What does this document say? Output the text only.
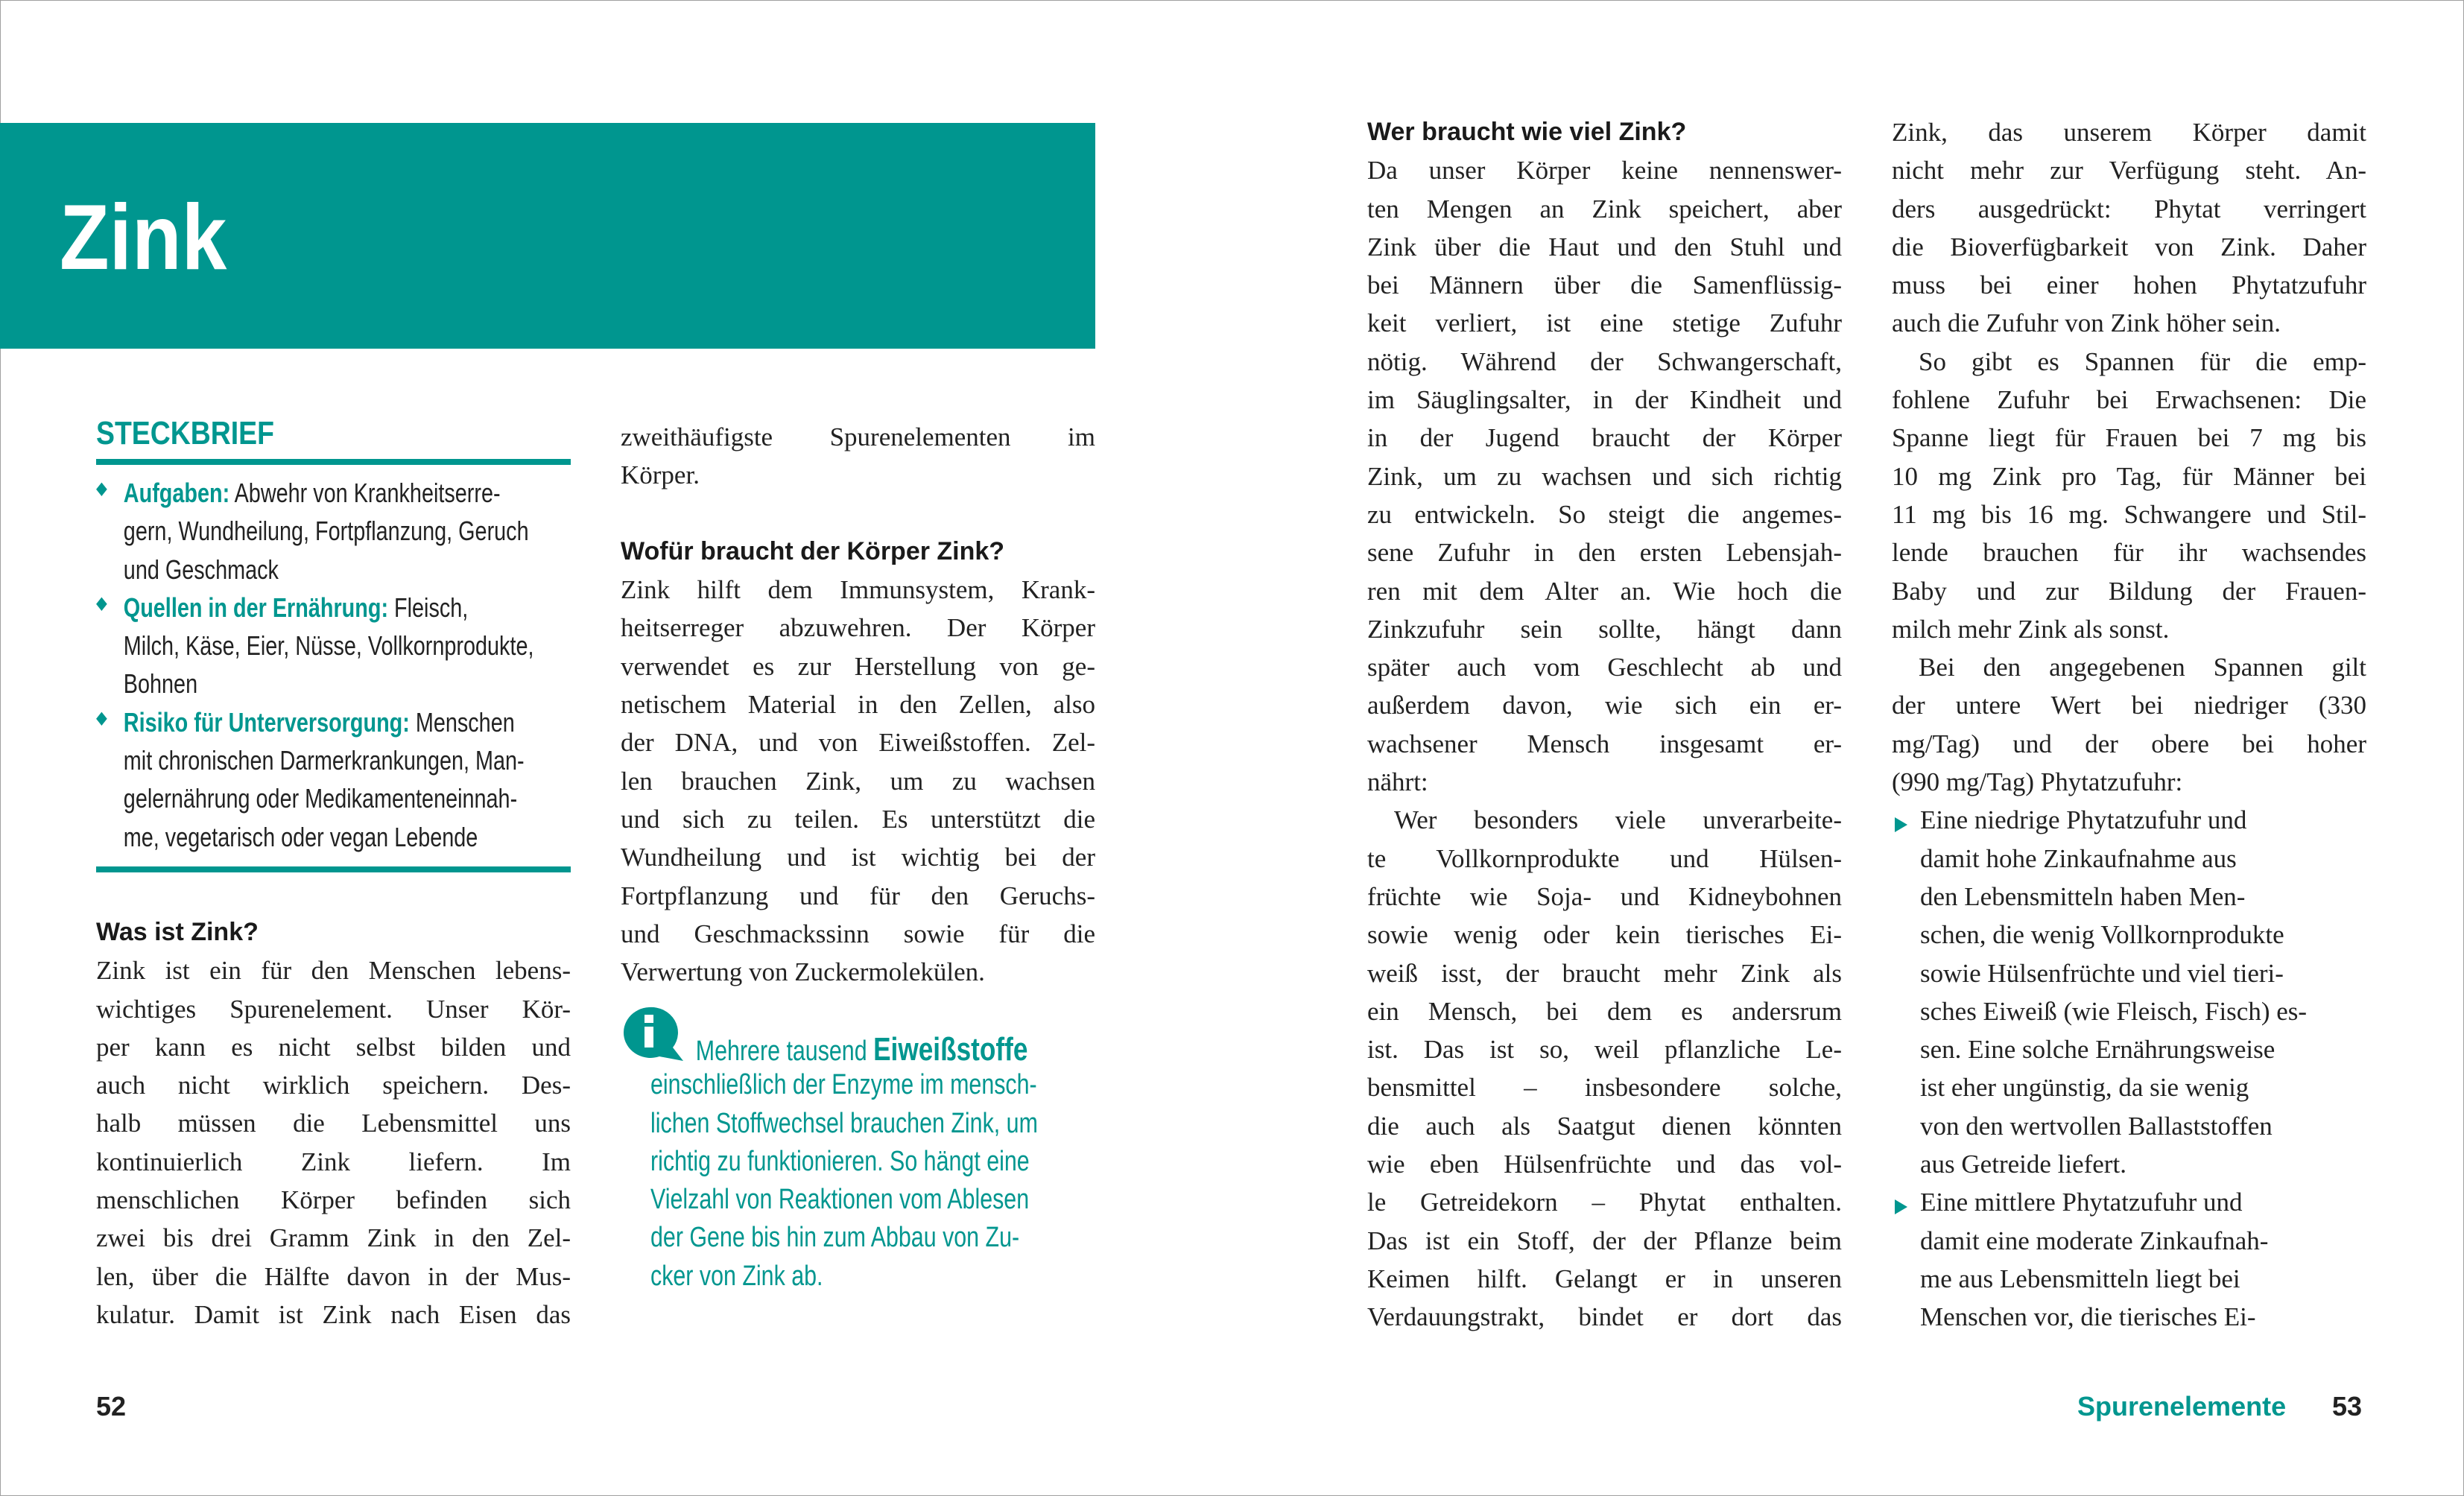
Zink
STECKBRIEF
◆ Aufgaben: Abwehr von Krankheitserre-
gern, Wundheilung, Fortpflanzung, Geruch
und Geschmack
◆ Quellen in der Ernährung: Fleisch,
Milch, Käse, Eier, Nüsse, Vollkornprodukte,
Bohnen
◆ Risiko für Unterversorgung: Menschen
mit chronischen Darmerkrankungen, Man-
gelernährung oder Medikamenteneinnah-
me, vegetarisch oder vegan Lebende
Was ist Zink?
Zink ist ein für den Menschen lebens-
wichtiges Spurenelement. Unser Kör-
per kann es nicht selbst bilden und
auch nicht wirklich speichern. Des-
halb müssen die Lebensmittel uns
kontinuierlich Zink liefern. Im
menschlichen Körper befinden sich
zwei bis drei Gramm Zink in den Zel-
len, über die Hälfte davon in der Mus-
kulatur. Damit ist Zink nach Eisen das
zweithäufigste Spurenelementen im
Körper.
Wofür braucht der Körper Zink?
Zink hilft dem Immunsystem, Krank-
heitserreger abzuwehren. Der Körper
verwendet es zur Herstellung von ge-
netischem Material in den Zellen, also
der DNA, und von Eiweißstoffen. Zel-
len brauchen Zink, um zu wachsen
und sich zu teilen. Es unterstützt die
Wundheilung und ist wichtig bei der
Fortpflanzung und für den Geruchs-
und Geschmackssinn sowie für die
Verwertung von Zuckermolekülen.
Wer braucht wie viel Zink?
Da unser Körper keine nennenswer-
ten Mengen an Zink speichert, aber
Zink über die Haut und den Stuhl und
bei Männern über die Samenflüssig-
keit verliert, ist eine stetige Zufuhr
nötig. Während der Schwangerschaft,
im Säuglingsalter, in der Kindheit und
in der Jugend braucht der Körper
Zink, um zu wachsen und sich richtig
zu entwickeln. So steigt die angemes-
sene Zufuhr in den ersten Lebensjah-
ren mit dem Alter an. Wie hoch die
Zinkzufuhr sein sollte, hängt dann
später auch vom Geschlecht ab und
außerdem davon, wie sich ein er-
wachsener Mensch insgesamt er-
nährt:
Wer besonders viele unverarbeite-
te Vollkornprodukte und Hülsen-
früchte wie Soja- und Kidneybohnen
sowie wenig oder kein tierisches Ei-
weiß isst, der braucht mehr Zink als
ein Mensch, bei dem es andersrum
ist. Das ist so, weil pflanzliche Le-
bensmittel – insbesondere solche,
die auch als Saatgut dienen könnten
wie eben Hülsenfrüchte und das vol-
le Getreidekorn – Phytat enthalten.
Das ist ein Stoff, der der Pflanze beim
Keimen hilft. Gelangt er in unseren
Verdauungstrakt, bindet er dort das
Zink, das unserem Körper damit
nicht mehr zur Verfügung steht. An-
ders ausgedrückt: Phytat verringert
die Bioverfügbarkeit von Zink. Daher
muss bei einer hohen Phytatzufuhr
auch die Zufuhr von Zink höher sein.
So gibt es Spannen für die emp-
fohlene Zufuhr bei Erwachsenen: Die
Spanne liegt für Frauen bei 7 mg bis
10 mg Zink pro Tag, für Männer bei
11 mg bis 16 mg. Schwangere und Stil-
lende brauchen für ihr wachsendes
Baby und zur Bildung der Frauen-
milch mehr Zink als sonst.
Bei den angegebenen Spannen gilt
der untere Wert bei niedriger (330
mg/Tag) und der obere bei hoher
(990 mg/Tag) Phytatzufuhr:
Eine niedrige Phytatzufuhr und
damit hohe Zinkaufnahme aus
den Lebensmitteln haben Men-
schen, die wenig Vollkornprodukte
sowie Hülsenfrüchte und viel tieri-
sches Eiweiß (wie Fleisch, Fisch) es-
sen. Eine solche Ernährungsweise
ist eher ungünstig, da sie wenig
von den wertvollen Ballaststoffen
aus Getreide liefert.
Eine mittlere Phytatzufuhr und
damit eine moderate Zinkaufnah-
me aus Lebensmitteln liegt bei
Menschen vor, die tierisches Ei-
Mehrere tausend Eiweißstoffe
einschließlich der Enzyme im mensch-
lichen Stoffwechsel brauchen Zink, um
richtig zu funktionieren. So hängt eine
Vielzahl von Reaktionen vom Ablesen
der Gene bis hin zum Abbau von Zu-
cker von Zink ab.
52	Spurenelemente 53
